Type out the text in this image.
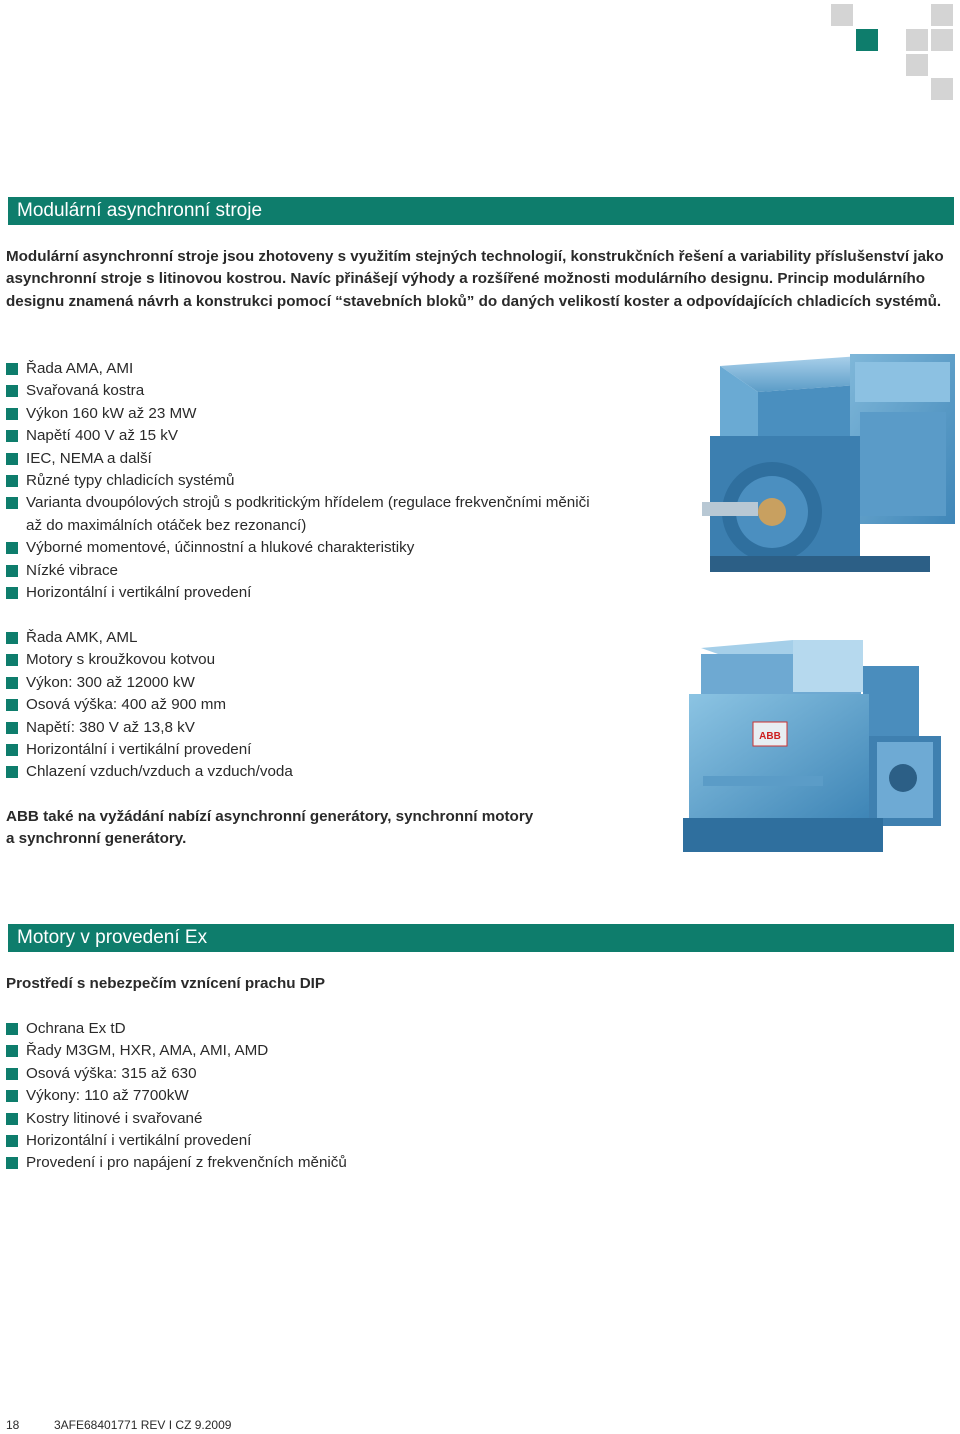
Modulární asynchronní stroje

Modulární asynchronní stroje jsou zhotoveny s využitím stejných technologií, konstrukčních řešení a variability příslušenství jako asynchronní stroje s litinovou kostrou. Navíc přinášejí výhody a rozšířené možnosti modulárního designu. Princip modulárního designu znamená návrh a konstrukci pomocí “stavebních bloků” do daných velikostí koster a odpovídajících chladicích systémů.

Řada AMA, AMI
Svařovaná kostra
Výkon 160 kW až 23 MW
Napětí 400 V až 15 kV
IEC, NEMA a další
Různé typy chladicích systémů
Varianta dvoupólových strojů s podkritickým hřídelem (regulace frekvenčními měniči až do maximálních otáček bez rezonancí)
Výborné momentové, účinnostní a hlukové charakteristiky
Nízké vibrace
Horizontální i vertikální provedení
Řada AMK, AML
Motory s kroužkovou kotvou
Výkon: 300 až 12000 kW
Osová výška: 400 až 900 mm
Napětí: 380 V až 13,8 kV
Horizontální i vertikální provedení
Chlazení vzduch/vzduch a vzduch/voda
ABB

ABB také na vyžádání nabízí asynchronní generátory, synchronní motory

a synchronní generátory.

Motory v provedení Ex

Prostředí s nebezpečím vznícení prachu DIP

Ochrana Ex tD
Řady M3GM, HXR, AMA, AMI, AMD
Osová výška: 315 až 630
Výkony: 110 až 7700kW
Kostry litinové i svařované
Horizontální i vertikální provedení
Provedení i pro napájení z frekvenčních měničů
18	3AFE68401771 REV I CZ 9.2009
